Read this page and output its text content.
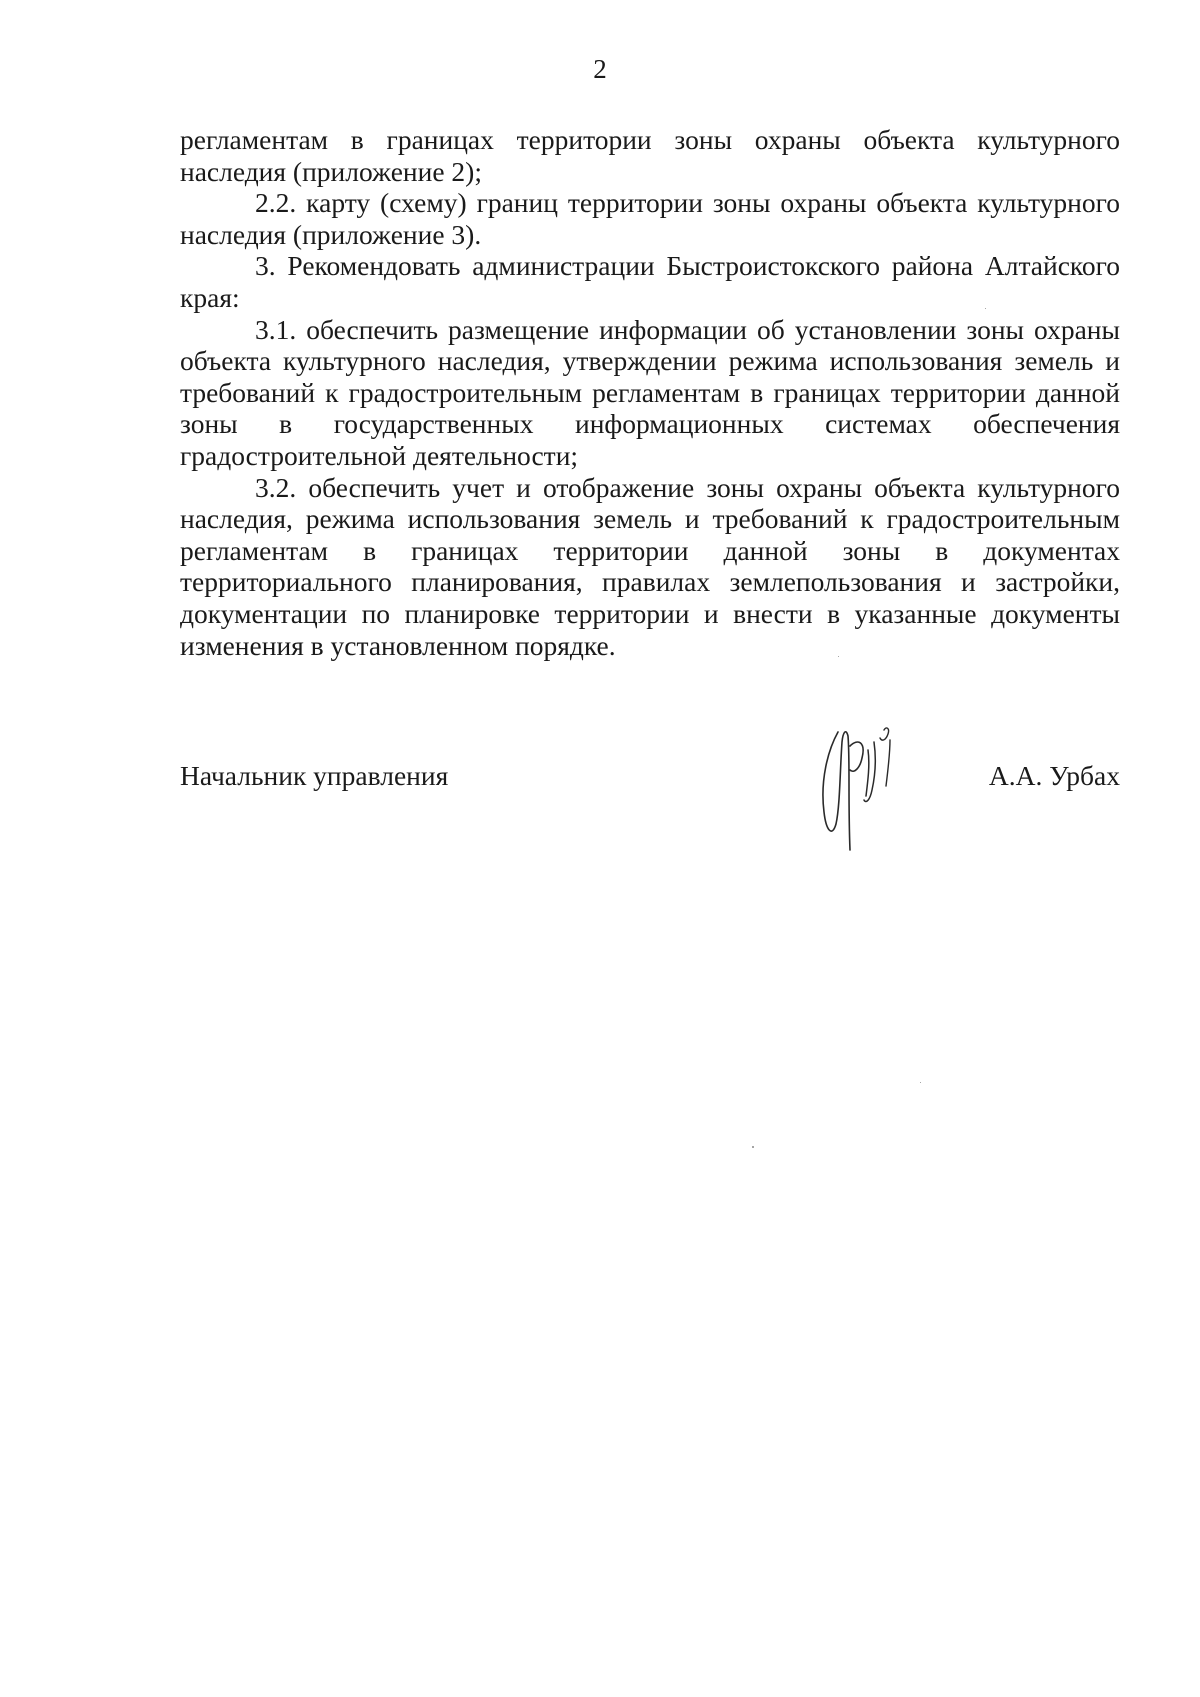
2

регламентам в границах территории зоны охраны объекта культурного наследия (приложение 2);

2.2. карту (схему) границ территории зоны охраны объекта культурного наследия (приложение 3).

3. Рекомендовать администрации Быстроистокского района Алтайского края:

3.1. обеспечить размещение информации об установлении зоны охраны объекта культурного наследия, утверждении режима использования земель и требований к градостроительным регламентам в границах территории данной зоны в государственных информационных системах обеспечения градостроительной деятельности;

3.2. обеспечить учет и отображение зоны охраны объекта культурного наследия, режима использования земель и требований к градостроительным регламентам в границах территории данной зоны в документах территориального планирования, правилах землепользования и застройки, документации по планировке территории и внести в указанные документы изменения в установленном порядке.

Начальник управления	А.А. Урбах
